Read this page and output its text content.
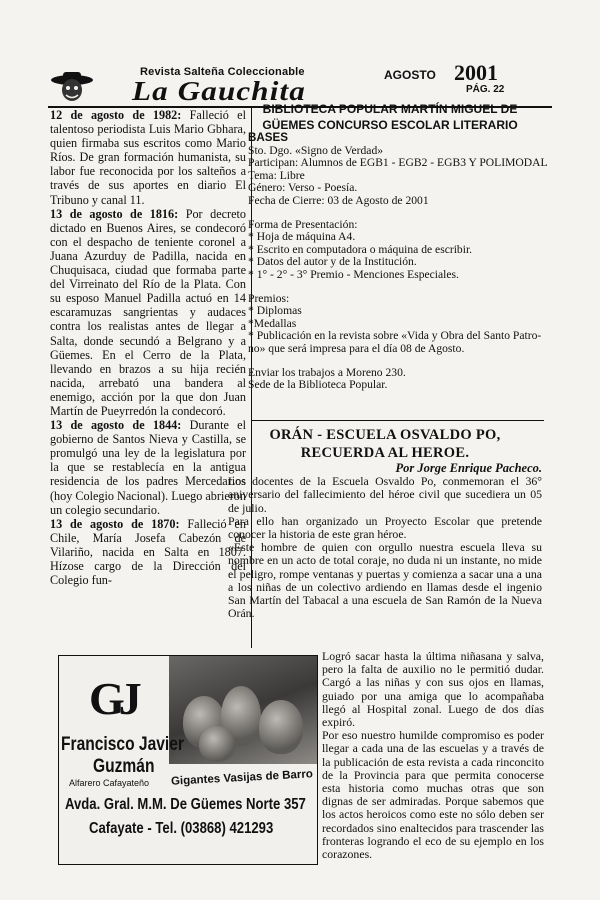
Revista Salteña Coleccionable
La Gauchita
AGOSTO 2001
PÁG. 22

12 de agosto de 1982: Falleció el talentoso periodista Luis Mario Gbhara, quien firmaba sus escritos como Mario Ríos. De gran formación humanista, su labor fue reconocida por los salteños a través de sus aportes en diario El Tribuno y canal 11.

13 de agosto de 1816: Por decreto dictado en Buenos Aires, se condecoró con el despacho de teniente coronel a Juana Azurduy de Padilla, nacida en Chuquisaca, ciudad que formaba parte del Virreinato del Río de la Plata. Con su esposo Manuel Padilla actuó en 14 escaramuzas sangrientas y audaces contra los realistas antes de llegar a Salta, donde secundó a Belgrano y a Güemes. En el Cerro de la Plata, llevando en brazos a su hija recién nacida, arrebató una bandera al enemigo, acción por la que don Juan Martín de Pueyrredón la condecoró.

13 de agosto de 1844: Durante el gobierno de Santos Nieva y Castilla, se promulgó una ley de la legislatura por la que se restablecía en la antigua residencia de los padres Mercedarios (hoy Colegio Nacional). Luego abrieron un colegio secundario.

13 de agosto de 1870: Falleció en Chile, María Josefa Cabezón de Vilariño, nacida en Salta en 1807. Hízose cargo de la Dirección del Colegio fun-

BIBLIOTECA POPULAR MARTÍN MIGUEL DE
GÜEMES CONCURSO ESCOLAR LITERARIO
BASES
Sto. Dgo. «Signo de Verdad»
Participan: Alumnos de EGB1 - EGB2 - EGB3 Y POLIMODAL
Tema: Libre
Género: Verso - Poesía.
Fecha de Cierre: 03 de Agosto de 2001
Forma de Presentación:
* Hoja de máquina A4.
* Escrito en computadora o máquina de escribir.
* Datos del autor y de la Institución.
* 1° - 2° - 3° Premio - Menciones Especiales.
Premios:
* Diplomas
*Medallas
* Publicación en la revista sobre «Vida y Obra del Santo Patro-
no» que será impresa para el día 08 de Agosto.
Enviar los trabajos a Moreno 230.
Sede de la Biblioteca Popular.
ORÁN - ESCUELA OSVALDO PO,
RECUERDA AL HEROE.
Por Jorge Enrique Pacheco.

Los docentes de la Escuela Osvaldo Po, conmemoran el 36° aniversario del fallecimiento del héroe civil que sucediera un 05 de julio.

Para ello han organizado un Proyecto Escolar que pretende conocer la historia de este gran héroe.

«Este hombre de quien con orgullo nuestra escuela lleva su nombre en un acto de total coraje, no duda ni un instante, no mide el peligro, rompe ventanas y puertas y comienza a sacar una a una a los niñas de un colectivo ardiendo en llamas desde el ingenio San Martín del Tabacal a una escuela de San Ramón de la Nueva Orán.

Logró sacar hasta la última niñasana y salva, pero la falta de auxilio no le permitió dudar. Cargó a las niñas y con sus ojos en llamas, guiado por una amiga que lo acompañaba llegó al Hospital zonal. Luego de dos días expiró.

Por eso nuestro humilde compromiso es poder llegar a cada una de las escuelas y a través de la publicación de esta revista a cada rinconcito de la Provincia para que permita conocerse esta historia como muchas otras que son dignas de ser admiradas. Porque sabemos que los actos heroicos como este no sólo deben ser recordados sino enaltecidos para trascender las fronteras logrando el eco de su ejemplo en los corazones.

GJ
Francisco Javier
Guzmán
Alfarero Cafayateño Gigantes Vasijas de Barro
Avda. Gral. M.M. De Güemes Norte 357
Cafayate - Tel. (03868) 421293
